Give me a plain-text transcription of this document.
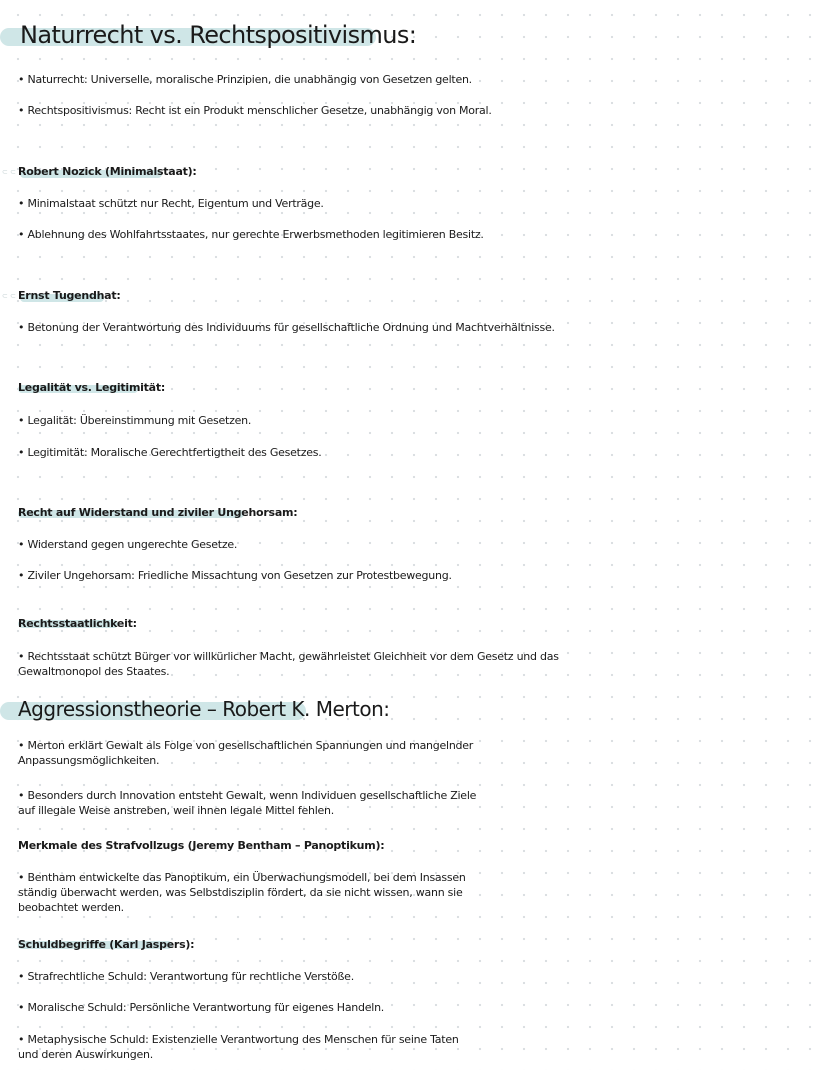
Naturrecht vs. Rechtspositivismus:

• Naturrecht: Universelle, moralische Prinzipien, die unabhängig von Gesetzen gelten.

• Rechtspositivismus: Recht ist ein Produkt menschlicher Gesetze, unabhängig von Moral.

⊂ ⊂ Robert Nozick (Minimalstaat):

• Minimalstaat schützt nur Recht, Eigentum und Verträge.

• Ablehnung des Wohlfahrtsstaates, nur gerechte Erwerbsmethoden legitimieren Besitz.

⊂ ⊂ Ernst Tugendhat:

• Betonung der Verantwortung des Individuums für gesellschaftliche Ordnung und Machtverhältnisse.

Legalität vs. Legitimität:

• Legalität: Übereinstimmung mit Gesetzen.

• Legitimität: Moralische Gerechtfertigtheit des Gesetzes.

Recht auf Widerstand und ziviler Ungehorsam:

• Widerstand gegen ungerechte Gesetze.

• Ziviler Ungehorsam: Friedliche Missachtung von Gesetzen zur Protestbewegung.

Rechtsstaatlichkeit:

• Rechtsstaat schützt Bürger vor willkürlicher Macht, gewährleistet Gleichheit vor dem Gesetz und das Gewaltmonopol des Staates.

Aggressionstheorie – Robert K. Merton:

• Merton erklärt Gewalt als Folge von gesellschaftlichen Spannungen und mangelnder Anpassungsmöglichkeiten.

• Besonders durch Innovation entsteht Gewalt, wenn Individuen gesellschaftliche Ziele auf illegale Weise anstreben, weil ihnen legale Mittel fehlen.

Merkmale des Strafvollzugs (Jeremy Bentham – Panoptikum):

• Bentham entwickelte das Panoptikum, ein Überwachungsmodell, bei dem Insassen ständig überwacht werden, was Selbstdisziplin fördert, da sie nicht wissen, wann sie beobachtet werden.

Schuldbegriffe (Karl Jaspers):

• Strafrechtliche Schuld: Verantwortung für rechtliche Verstöße.

• Moralische Schuld: Persönliche Verantwortung für eigenes Handeln.

• Metaphysische Schuld: Existenzielle Verantwortung des Menschen für seine Taten und deren Auswirkungen.
